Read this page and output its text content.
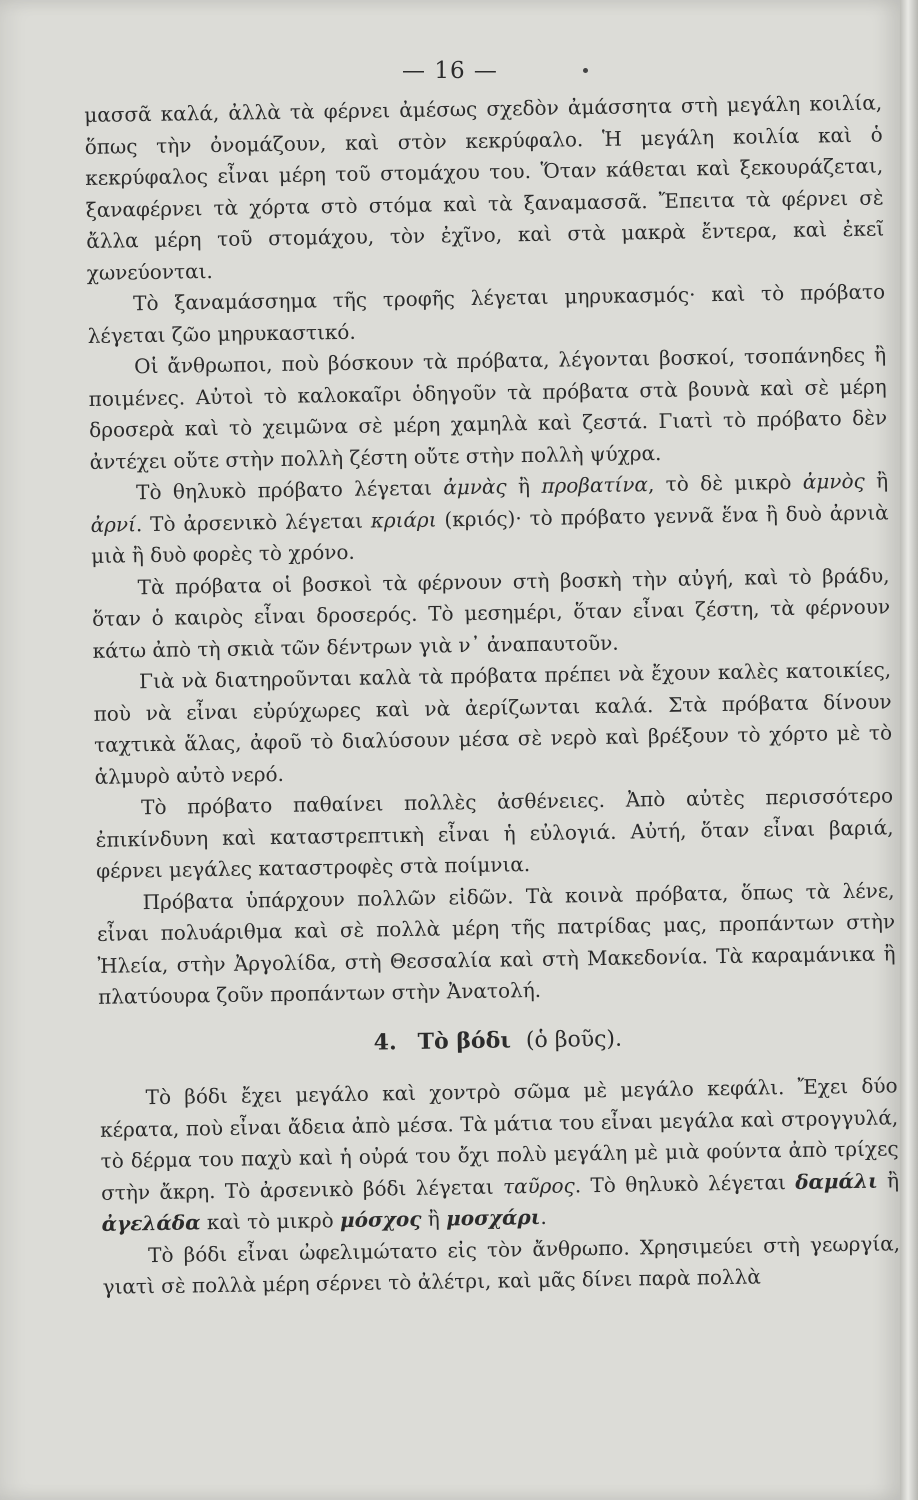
— 16 —

μασσᾶ καλά, ἀλλὰ τὰ φέρνει ἀμέσως σχεδὸν ἀμάσσητα στὴ μεγάλη κοιλία, ὅπως τὴν ὀνομάζουν, καὶ στὸν κεκρύφαλο. Ἡ μεγάλη κοιλία καὶ ὁ κεκρύφαλος εἶναι μέρη τοῦ στομάχου του. Ὅταν κάθεται καὶ ξεκουράζεται, ξαναφέρνει τὰ χόρτα στὸ στόμα καὶ τὰ ξαναμασσᾶ. Ἔπειτα τὰ φέρνει σὲ ἄλλα μέρη τοῦ στομάχου, τὸν ἐχῖνο, καὶ στὰ μακρὰ ἔντερα, καὶ ἐκεῖ χωνεύονται.

Τὸ ξαναμάσσημα τῆς τροφῆς λέγεται μηρυκασμός· καὶ τὸ πρόβατο λέγεται ζῶο μηρυκαστικό.

Οἱ ἄνθρωποι, ποὺ βόσκουν τὰ πρόβατα, λέγονται βοσκοί, τσοπάνηδες ἢ ποιμένες. Αὐτοὶ τὸ καλοκαῖρι ὁδηγοῦν τὰ πρόβατα στὰ βουνὰ καὶ σὲ μέρη δροσερὰ καὶ τὸ χειμῶνα σὲ μέρη χαμηλὰ καὶ ζεστά. Γιατὶ τὸ πρόβατο δὲν ἀντέχει οὔτε στὴν πολλὴ ζέστη οὔτε στὴν πολλὴ ψύχρα.

Τὸ θηλυκὸ πρόβατο λέγεται ἀμνὰς ἢ προβατίνα, τὸ δὲ μικρὸ ἀμνὸς ἢ ἀρνί. Τὸ ἀρσενικὸ λέγεται κριάρι (κριός)· τὸ πρόβατο γεννᾶ ἕνα ἢ δυὸ ἀρνιὰ μιὰ ἢ δυὸ φορὲς τὸ χρόνο.

Τὰ πρόβατα οἱ βοσκοὶ τὰ φέρνουν στὴ βοσκὴ τὴν αὐγή, καὶ τὸ βράδυ, ὅταν ὁ καιρὸς εἶναι δροσερός. Τὸ μεσημέρι, ὅταν εἶναι ζέστη, τὰ φέρνουν κάτω ἀπὸ τὴ σκιὰ τῶν δέντρων γιὰ ν᾿ ἀναπαυτοῦν.

Γιὰ νὰ διατηροῦνται καλὰ τὰ πρόβατα πρέπει νὰ ἔχουν καλὲς κατοικίες, ποὺ νὰ εἶναι εὐρύχωρες καὶ νὰ ἀερίζωνται καλά. Στὰ πρόβατα δίνουν ταχτικὰ ἅλας, ἀφοῦ τὸ διαλύσουν μέσα σὲ νερὸ καὶ βρέξουν τὸ χόρτο μὲ τὸ ἁλμυρὸ αὐτὸ νερό.

Τὸ πρόβατο παθαίνει πολλὲς ἀσθένειες. Ἀπὸ αὐτὲς περισσότερο ἐπικίνδυνη καὶ καταστρεπτικὴ εἶναι ἡ εὐλογιά. Αὐτή, ὅταν εἶναι βαριά, φέρνει μεγάλες καταστροφὲς στὰ ποίμνια.

Πρόβατα ὑπάρχουν πολλῶν εἰδῶν. Τὰ κοινὰ πρόβατα, ὅπως τὰ λένε, εἶναι πολυάριθμα καὶ σὲ πολλὰ μέρη τῆς πατρίδας μας, προπάντων στὴν Ἠλεία, στὴν Ἀργολίδα, στὴ Θεσσαλία καὶ στὴ Μακεδονία. Τὰ καραμάνικα ἢ πλατύουρα ζοῦν προπάντων στὴν Ἀνατολή.

4. Τὸ βόδι (ὁ βοῦς).

Τὸ βόδι ἔχει μεγάλο καὶ χοντρὸ σῶμα μὲ μεγάλο κεφάλι. Ἔχει δύο κέρατα, ποὺ εἶναι ἄδεια ἀπὸ μέσα. Τὰ μάτια του εἶναι μεγάλα καὶ στρογγυλά, τὸ δέρμα του παχὺ καὶ ἡ οὐρά του ὄχι πολὺ μεγάλη μὲ μιὰ φούντα ἀπὸ τρίχες στὴν ἄκρη. Τὸ ἀρσενικὸ βόδι λέγεται ταῦρος. Τὸ θηλυκὸ λέγεται δαμάλι ἢ ἀγελάδα καὶ τὸ μικρὸ μόσχος ἢ μοσχάρι.

Τὸ βόδι εἶναι ὠφελιμώτατο εἰς τὸν ἄνθρωπο. Χρησιμεύει στὴ γεωργία, γιατὶ σὲ πολλὰ μέρη σέρνει τὸ ἀλέτρι, καὶ μᾶς δίνει παρὰ πολλὰ
